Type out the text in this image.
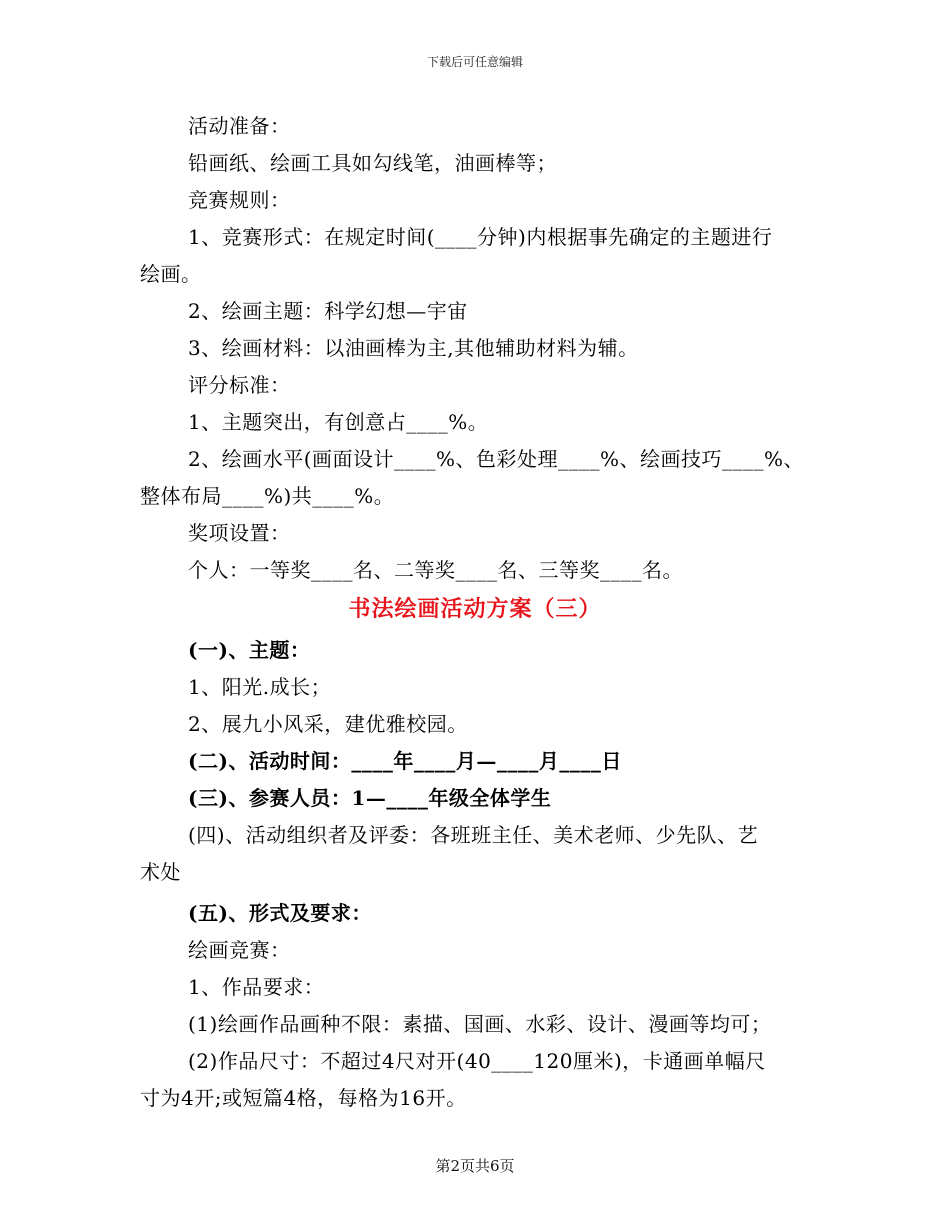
下载后可任意编辑
活动准备：
铅画纸、绘画工具如勾线笔，油画棒等；
竞赛规则：
1、竞赛形式：在规定时间(____分钟)内根据事先确定的主题进行
绘画。
2、绘画主题：科学幻想—宇宙
3、绘画材料：以油画棒为主,其他辅助材料为辅。
评分标准：
1、主题突出，有创意占____%。
2、绘画水平(画面设计____%、色彩处理____%、绘画技巧____%、
整体布局____%)共____%。
奖项设置：
个人：一等奖____名、二等奖____名、三等奖____名。
书法绘画活动方案（三）
(一)、主题：
1、阳光.成长；
2、展九小风采，建优雅校园。
(二)、活动时间：____年____月—____月____日
(三)、参赛人员：1—____年级全体学生
(四)、活动组织者及评委：各班班主任、美术老师、少先队、艺
术处
(五)、形式及要求：
绘画竞赛：
1、作品要求：
(1)绘画作品画种不限：素描、国画、水彩、设计、漫画等均可；
(2)作品尺寸：不超过4尺对开(40____120厘米)，卡通画单幅尺
寸为4开;或短篇4格，每格为16开。
第2页共6页
